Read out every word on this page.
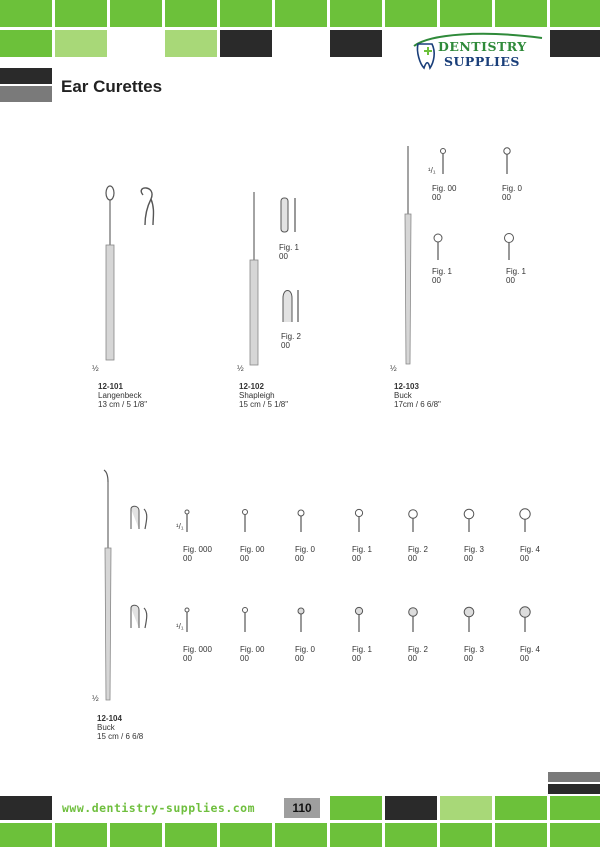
DENTISTRY
SUPPLIES
Ear Curettes
½
12-101
Langenbeck
13 cm / 5 1/8"
Fig. 1
00
Fig. 2
00
½
12-102
Shapleigh
15 cm / 5 1/8"
¹/₁
Fig. 00
00
Fig. 0
00
Fig. 1
00
Fig. 1
00
½
12-103
Buck
17cm / 6 6/8"
¹/₁
Fig. 000
00
Fig. 00
00
Fig. 0
00
Fig. 1
00
Fig. 2
00
Fig. 3
00
Fig. 4
00
¹/₁
Fig. 000
00
Fig. 00
00
Fig. 0
00
Fig. 1
00
Fig. 2
00
Fig. 3
00
Fig. 4
00
½
12-104
Buck
15 cm / 6 6/8
www.dentistry-supplies.com	110
